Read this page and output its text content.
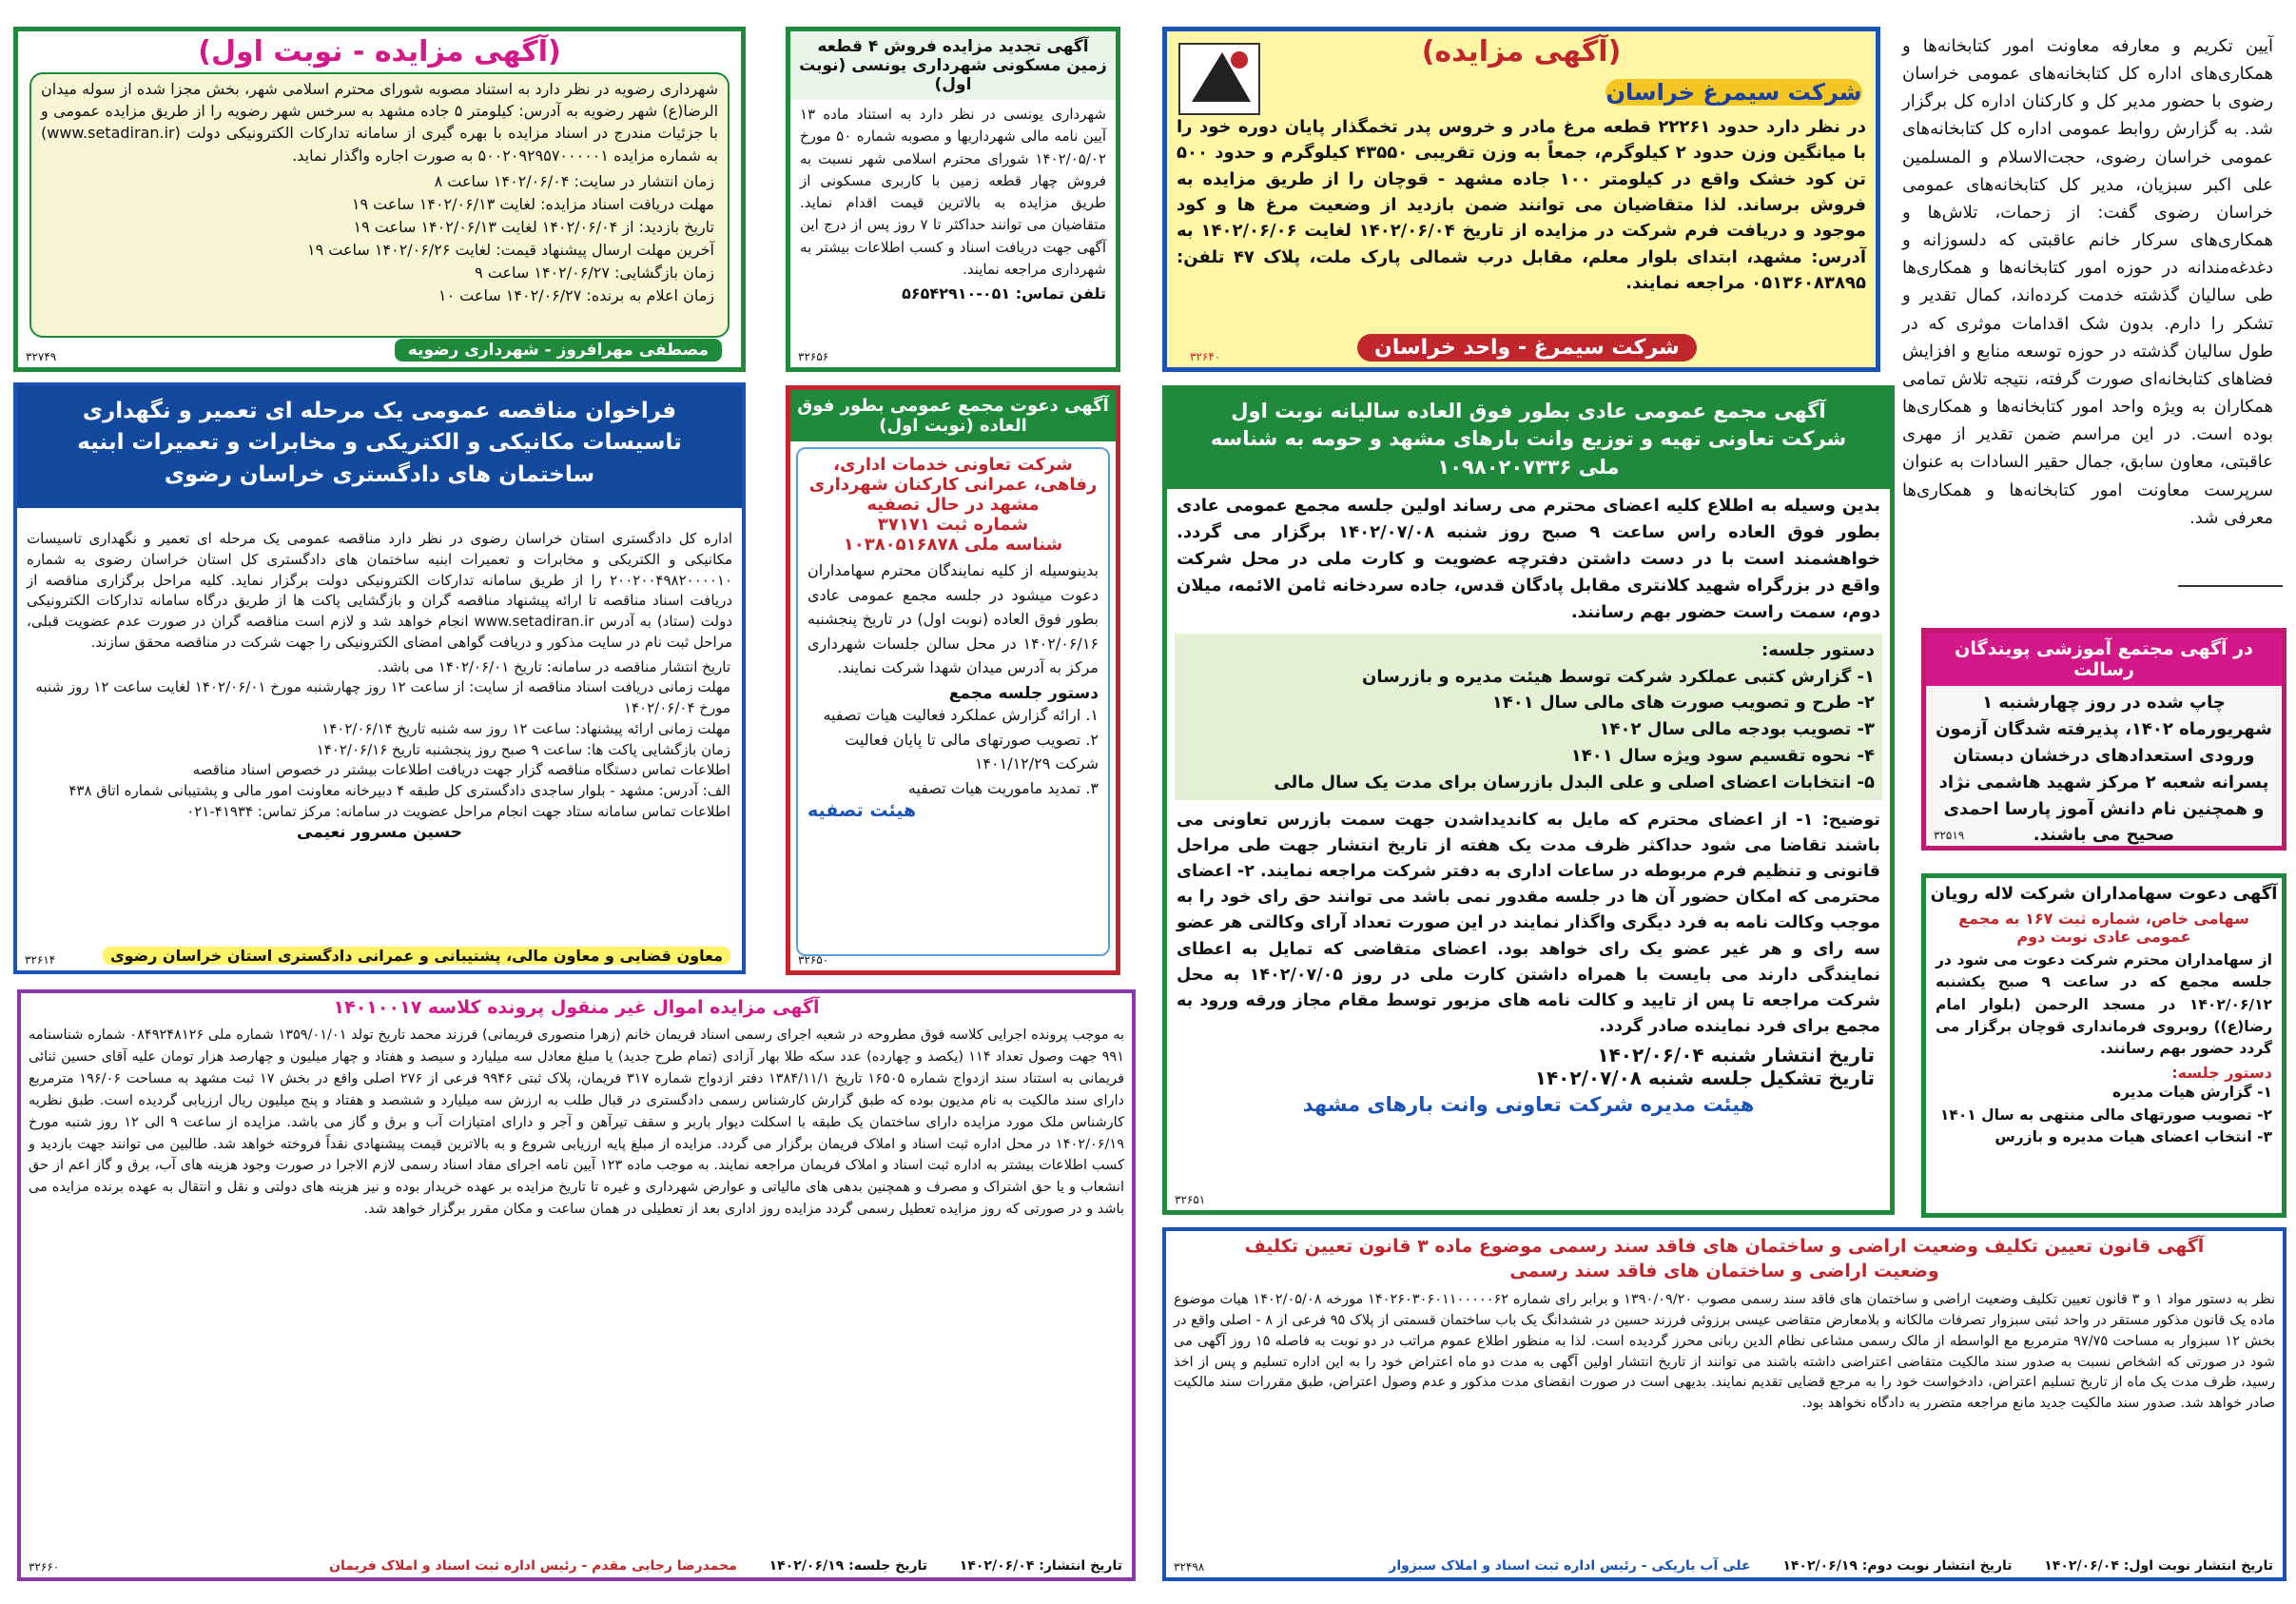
آیین تکریم و معارفه معاونت امور کتابخانه‌ها و همکاری‌های اداره کل کتابخانه‌های عمومی خراسان رضوی با حضور مدیر کل و کارکنان اداره کل برگزار شد. به گزارش روابط عمومی اداره کل کتابخانه‌های عمومی خراسان رضوی، حجت‌الاسلام و المسلمین علی اکبر سبزیان، مدیر کل کتابخانه‌های عمومی خراسان رضوی گفت: از زحمات، تلاش‌ها و همکاری‌های سرکار خانم عاقبتی که دلسوزانه و دغدغه‌مندانه در حوزه امور کتابخانه‌ها و همکاری‌ها طی سالیان گذشته خدمت کرده‌اند، کمال تقدیر و تشکر را دارم. بدون شک اقدامات موثری که در طول سالیان گذشته در حوزه توسعه منابع و افزایش فضاهای کتابخانه‌ای صورت گرفته، نتیجه تلاش تمامی همکاران به ویژه واحد امور کتابخانه‌ها و همکاری‌ها بوده است. در این مراسم ضمن تقدیر از مهری عاقبتی، معاون سابق، جمال حقیر السادات به عنوان سرپرست معاونت امور کتابخانه‌ها و همکاری‌ها معرفی شد.
(آگهی مزایده - نوبت اول)
شهرداری رضویه در نظر دارد به استناد مصوبه شورای محترم اسلامی شهر، بخش مجزا شده از سوله میدان الرضا(ع) شهر رضویه به آدرس: کیلومتر ۵ جاده مشهد به سرخس شهر رضویه را از طریق مزایده عمومی و با جزئیات مندرج در اسناد مزایده با بهره گیری از سامانه تدارکات الکترونیکی دولت (www.setadiran.ir) به شماره مزایده ۵۰۰۲۰۹۲۹۵۷۰۰۰۰۰۱ به صورت اجاره واگذار نماید.
زمان انتشار در سایت: ۱۴۰۲/۰۶/۰۴ ساعت ۸
مهلت دریافت اسناد مزایده: لغایت ۱۴۰۲/۰۶/۱۳ ساعت ۱۹
تاریخ بازدید: از ۱۴۰۲/۰۶/۰۴ لغایت ۱۴۰۲/۰۶/۱۳ ساعت ۱۹
آخرین مهلت ارسال پیشنهاد قیمت: لغایت ۱۴۰۲/۰۶/۲۶ ساعت ۱۹
زمان بازگشایی: ۱۴۰۲/۰۶/۲۷ ساعت ۹
زمان اعلام به برنده: ۱۴۰۲/۰۶/۲۷ ساعت ۱۰
مصطفی مهرافروز - شهرداری رضویه
۳۲۷۴۹
آگهی تجدید مزایده فروش ۴ قطعه زمین مسکونی شهرداری یونسی (نوبت اول)
شهرداری یونسی در نظر دارد به استناد ماده ۱۳ آیین نامه مالی شهرداریها و مصوبه شماره ۵۰ مورخ ۱۴۰۲/۰۵/۰۲ شورای محترم اسلامی شهر نسبت به فروش چهار قطعه زمین با کاربری مسکونی از طریق مزایده به بالاترین قیمت اقدام نماید. متقاضیان می توانند حداکثر تا ۷ روز پس از درج این آگهی جهت دریافت اسناد و کسب اطلاعات بیشتر به شهرداری مراجعه نمایند.
تلفن تماس: ۰۵۱-۵۶۵۴۲۹۱۰
۳۲۶۵۶
(آگهی مزایده)
شرکت سیمرغ خراسان
در نظر دارد حدود ۲۲۲۶۱ قطعه مرغ مادر و خروس پدر تخمگذار پایان دوره خود را با میانگین وزن حدود ۲ کیلوگرم، جمعاً به وزن تقریبی ۴۳۵۵۰ کیلوگرم و حدود ۵۰۰ تن کود خشک واقع در کیلومتر ۱۰۰ جاده مشهد - قوچان را از طریق مزایده به فروش برساند. لذا متقاضیان می توانند ضمن بازدید از وضعیت مرغ ها و کود موجود و دریافت فرم شرکت در مزایده از تاریخ ۱۴۰۲/۰۶/۰۴ لغایت ۱۴۰۲/۰۶/۰۶ به آدرس: مشهد، ابتدای بلوار معلم، مقابل درب شمالی پارک ملت، پلاک ۴۷ تلفن: ۰۵۱۳۶۰۸۳۸۹۵ مراجعه نمایند.
شرکت سیمرغ - واحد خراسان
۳۲۶۴۰
فراخوان مناقصه عمومی یک مرحله ای تعمیر و نگهداری تاسیسات مکانیکی و الکتریکی و مخابرات و تعمیرات ابنیه ساختمان های دادگستری خراسان رضوی
اداره کل دادگستری استان خراسان رضوی در نظر دارد مناقصه عمومی یک مرحله ای تعمیر و نگهداری تاسیسات مکانیکی و الکتریکی و مخابرات و تعمیرات ابنیه ساختمان های دادگستری کل استان خراسان رضوی به شماره ۲۰۰۲۰۰۴۹۸۲۰۰۰۰۱۰ را از طریق سامانه تدارکات الکترونیکی دولت برگزار نماید. کلیه مراحل برگزاری مناقصه از دریافت اسناد مناقصه تا ارائه پیشنهاد مناقصه گران و بازگشایی پاکت ها از طریق درگاه سامانه تدارکات الکترونیکی دولت (ستاد) به آدرس www.setadiran.ir انجام خواهد شد و لازم است مناقصه گران در صورت عدم عضویت قبلی، مراحل ثبت نام در سایت مذکور و دریافت گواهی امضای الکترونیکی را جهت شرکت در مناقصه محقق سازند.
تاریخ انتشار مناقصه در سامانه: تاریخ ۱۴۰۲/۰۶/۰۱ می باشد.
مهلت زمانی دریافت اسناد مناقصه از سایت: از ساعت ۱۲ روز چهارشنبه مورخ ۱۴۰۲/۰۶/۰۱ لغایت ساعت ۱۲ روز شنبه مورخ ۱۴۰۲/۰۶/۰۴
مهلت زمانی ارائه پیشنهاد: ساعت ۱۲ روز سه شنبه تاریخ ۱۴۰۲/۰۶/۱۴
زمان بازگشایی پاکت ها: ساعت ۹ صبح روز پنجشنبه تاریخ ۱۴۰۲/۰۶/۱۶
اطلاعات تماس دستگاه مناقصه گزار جهت دریافت اطلاعات بیشتر در خصوص اسناد مناقصه
الف: آدرس: مشهد - بلوار ساجدی دادگستری کل طبقه ۴ دبیرخانه معاونت امور مالی و پشتیبانی شماره اتاق ۴۳۸ اطلاعات تماس سامانه ستاد جهت انجام مراحل عضویت در سامانه: مرکز تماس: ۴۱۹۳۴-۰۲۱
حسین مسرور نعیمی
معاون قضایی و معاون مالی، پشتیبانی و عمرانی دادگستری استان خراسان رضوی
۳۲۶۱۴
آگهی دعوت مجمع عمومی بطور فوق العاده (نوبت اول)
شرکت تعاونی خدمات اداری، رفاهی، عمرانی کارکنان شهرداری مشهد در حال تصفیه
شماره ثبت ۳۷۱۷۱
شناسه ملی ۱۰۳۸۰۵۱۶۸۷۸
بدینوسیله از کلیه نمایندگان محترم سهامداران دعوت میشود در جلسه مجمع عمومی عادی بطور فوق العاده (نوبت اول) در تاریخ پنجشنبه ۱۴۰۲/۰۶/۱۶ در محل سالن جلسات شهرداری مرکز به آدرس میدان شهدا شرکت نمایند.
دستور جلسه مجمع
۱. ارائه گزارش عملکرد فعالیت هیات تصفیه
۲. تصویب صورتهای مالی تا پایان فعالیت شرکت ۱۴۰۱/۱۲/۲۹
۳. تمدید ماموریت هیات تصفیه
هیئت تصفیه
۳۲۶۵۰
آگهی مجمع عمومی عادی بطور فوق العاده سالیانه نوبت اول شرکت تعاونی تهیه و توزیع وانت بارهای مشهد و حومه به شناسه ملی ۱۰۹۸۰۲۰۷۳۳۶
بدین وسیله به اطلاع کلیه اعضای محترم می رساند اولین جلسه مجمع عمومی عادی بطور فوق العاده راس ساعت ۹ صبح روز شنبه ۱۴۰۲/۰۷/۰۸ برگزار می گردد. خواهشمند است با در دست داشتن دفترچه عضویت و کارت ملی در محل شرکت واقع در بزرگراه شهید کلانتری مقابل پادگان قدس، جاده سردخانه ثامن الائمه، میلان دوم، سمت راست حضور بهم رسانند.
دستور جلسه:
۱- گزارش کتبی عملکرد شرکت توسط هیئت مدیره و بازرسان
۲- طرح و تصویب صورت های مالی سال ۱۴۰۱
۳- تصویب بودجه مالی سال ۱۴۰۲
۴- نحوه تقسیم سود ویژه سال ۱۴۰۱
۵- انتخابات اعضای اصلی و علی البدل بازرسان برای مدت یک سال مالی
توضیح: ۱- از اعضای محترم که مایل به کاندیداشدن جهت سمت بازرس تعاونی می باشند تقاضا می شود حداکثر ظرف مدت یک هفته از تاریخ انتشار جهت طی مراحل قانونی و تنظیم فرم مربوطه در ساعات اداری به دفتر شرکت مراجعه نمایند. ۲- اعضای محترمی که امکان حضور آن ها در جلسه مقدور نمی باشد می توانند حق رای خود را به موجب وکالت نامه به فرد دیگری واگذار نمایند در این صورت تعداد آرای وکالتی هر عضو سه رای و هر غیر عضو یک رای خواهد بود. اعضای متقاضی که تمایل به اعطای نمایندگی دارند می بایست با همراه داشتن کارت ملی در روز ۱۴۰۲/۰۷/۰۵ به محل شرکت مراجعه تا پس از تایید و کالت نامه های مزبور توسط مقام مجاز ورقه ورود به مجمع برای فرد نماینده صادر گردد.
تاریخ انتشار شنبه ۱۴۰۲/۰۶/۰۴
تاریخ تشکیل جلسه شنبه ۱۴۰۲/۰۷/۰۸
هیئت مدیره شرکت تعاونی وانت بارهای مشهد
۳۲۶۵۱
در آگهی مجتمع آموزشی پویندگان رسالت
چاپ شده در روز چهارشنبه ۱ شهریورماه ۱۴۰۲، پذیرفته شدگان آزمون ورودی استعدادهای درخشان دبستان پسرانه شعبه ۲ مرکز شهید هاشمی نژاد و همچنین نام دانش آموز پارسا احمدی صحیح می باشند.
۳۲۵۱۹
آگهی دعوت سهامداران شرکت لاله رویان
سهامی خاص، شماره ثبت ۱۶۷ به مجمع عمومی عادی نوبت دوم
از سهامداران محترم شرکت دعوت می شود در جلسه مجمع که در ساعت ۹ صبح یکشنبه ۱۴۰۲/۰۶/۱۲ در مسجد الرحمن (بلوار امام رضا(ع)) روبروی فرمانداری قوچان برگزار می گردد حضور بهم رسانند.
دستور جلسه:
۱- گزارش هیات مدیره
۲- تصویب صورتهای مالی منتهی به سال ۱۴۰۱
۳- انتخاب اعضای هیات مدیره و بازرس
آگهی مزایده اموال غیر منقول پرونده کلاسه ۱۴۰۱۰۰۱۷
به موجب پرونده اجرایی کلاسه فوق مطروحه در شعبه اجرای رسمی اسناد فریمان خانم (زهرا منصوری فریمانی) فرزند محمد تاریخ تولد ۱۳۵۹/۰۱/۰۱ شماره ملی ۰۸۴۹۲۴۸۱۲۶ شماره شناسنامه ۹۹۱ جهت وصول تعداد ۱۱۴ (یکصد و چهارده) عدد سکه طلا بهار آزادی (تمام طرح جدید) یا مبلغ معادل سه میلیارد و سیصد و هفتاد و چهار میلیون و چهارصد هزار تومان علیه آقای حسین ثنائی فریمانی به استناد سند ازدواج شماره ۱۶۵۰۵ تاریخ ۱۳۸۴/۱۱/۱ دفتر ازدواج شماره ۳۱۷ فریمان، پلاک ثبتی ۹۹۴۶ فرعی از ۲۷۶ اصلی واقع در بخش ۱۷ ثبت مشهد به مساحت ۱۹۶/۰۶ مترمربع دارای سند مالکیت به نام مدیون بوده که طبق گزارش کارشناس رسمی دادگستری در قبال طلب به ارزش سه میلیارد و ششصد و هفتاد و پنج میلیون ریال ارزیابی گردیده است. طبق نظریه کارشناس ملک مورد مزایده دارای ساختمان یک طبقه با اسکلت دیوار باربر و سقف تیرآهن و آجر و دارای امتیازات آب و برق و گاز می باشد. مزایده از ساعت ۹ الی ۱۲ روز شنبه مورخ ۱۴۰۲/۰۶/۱۹ در محل اداره ثبت اسناد و املاک فریمان برگزار می گردد. مزایده از مبلغ پایه ارزیابی شروع و به بالاترین قیمت پیشنهادی نقداً فروخته خواهد شد. طالبین می توانند جهت بازدید و کسب اطلاعات بیشتر به اداره ثبت اسناد و املاک فریمان مراجعه نمایند. به موجب ماده ۱۲۳ آیین نامه اجرای مفاد اسناد رسمی لازم الاجرا در صورت وجود هزینه های آب، برق و گاز اعم از حق انشعاب و یا حق اشتراک و مصرف و همچنین بدهی های مالیاتی و عوارض شهرداری و غیره تا تاریخ مزایده بر عهده خریدار بوده و نیز هزینه های دولتی و نقل و انتقال به عهده برنده مزایده می باشد و در صورتی که روز مزایده تعطیل رسمی گردد مزایده روز اداری بعد از تعطیلی در همان ساعت و مکان مقرر برگزار خواهد شد.
تاریخ انتشار: ۱۴۰۲/۰۶/۰۴  تاریخ جلسه: ۱۴۰۲/۰۶/۱۹  محمدرضا رجایی مقدم - رئیس اداره ثبت اسناد و املاک فریمان
۳۲۶۶۰
آگهی قانون تعیین تکلیف وضعیت اراضی و ساختمان های فاقد سند رسمی موضوع ماده ۳ قانون تعیین تکلیف وضعیت اراضی و ساختمان های فاقد سند رسمی
نظر به دستور مواد ۱ و ۳ قانون تعیین تکلیف وضعیت اراضی و ساختمان های فاقد سند رسمی مصوب ۱۳۹۰/۰۹/۲۰ و برابر رای شماره ۱۴۰۲۶۰۳۰۶۰۱۱۰۰۰۰۰۶۲ مورخه ۱۴۰۲/۰۵/۰۸ هیات موضوع ماده یک قانون مذکور مستقر در واحد ثبتی سبزوار تصرفات مالکانه و بلامعارض متقاضی عیسی برزوئی فرزند حسین در ششدانگ یک باب ساختمان قسمتی از پلاک ۹۵ فرعی از ۸ - اصلی واقع در بخش ۱۲ سبزوار به مساحت ۹۷/۷۵ مترمربع مع الواسطه از مالک رسمی مشاعی نظام الدین ربانی محرز گردیده است. لذا به منظور اطلاع عموم مراتب در دو نوبت به فاصله ۱۵ روز آگهی می شود در صورتی که اشخاص نسبت به صدور سند مالکیت متقاضی اعتراضی داشته باشند می توانند از تاریخ انتشار اولین آگهی به مدت دو ماه اعتراض خود را به این اداره تسلیم و پس از اخذ رسید، ظرف مدت یک ماه از تاریخ تسلیم اعتراض، دادخواست خود را به مرجع قضایی تقدیم نمایند. بدیهی است در صورت انقضای مدت مذکور و عدم وصول اعتراض، طبق مقررات سند مالکیت صادر خواهد شد. صدور سند مالکیت جدید مانع مراجعه متضرر به دادگاه نخواهد بود.
تاریخ انتشار نوبت اول: ۱۴۰۲/۰۶/۰۴  تاریخ انتشار نوبت دوم: ۱۴۰۲/۰۶/۱۹  علی آب باریکی - رئیس اداره ثبت اسناد و املاک سبزوار
۳۲۴۹۸
